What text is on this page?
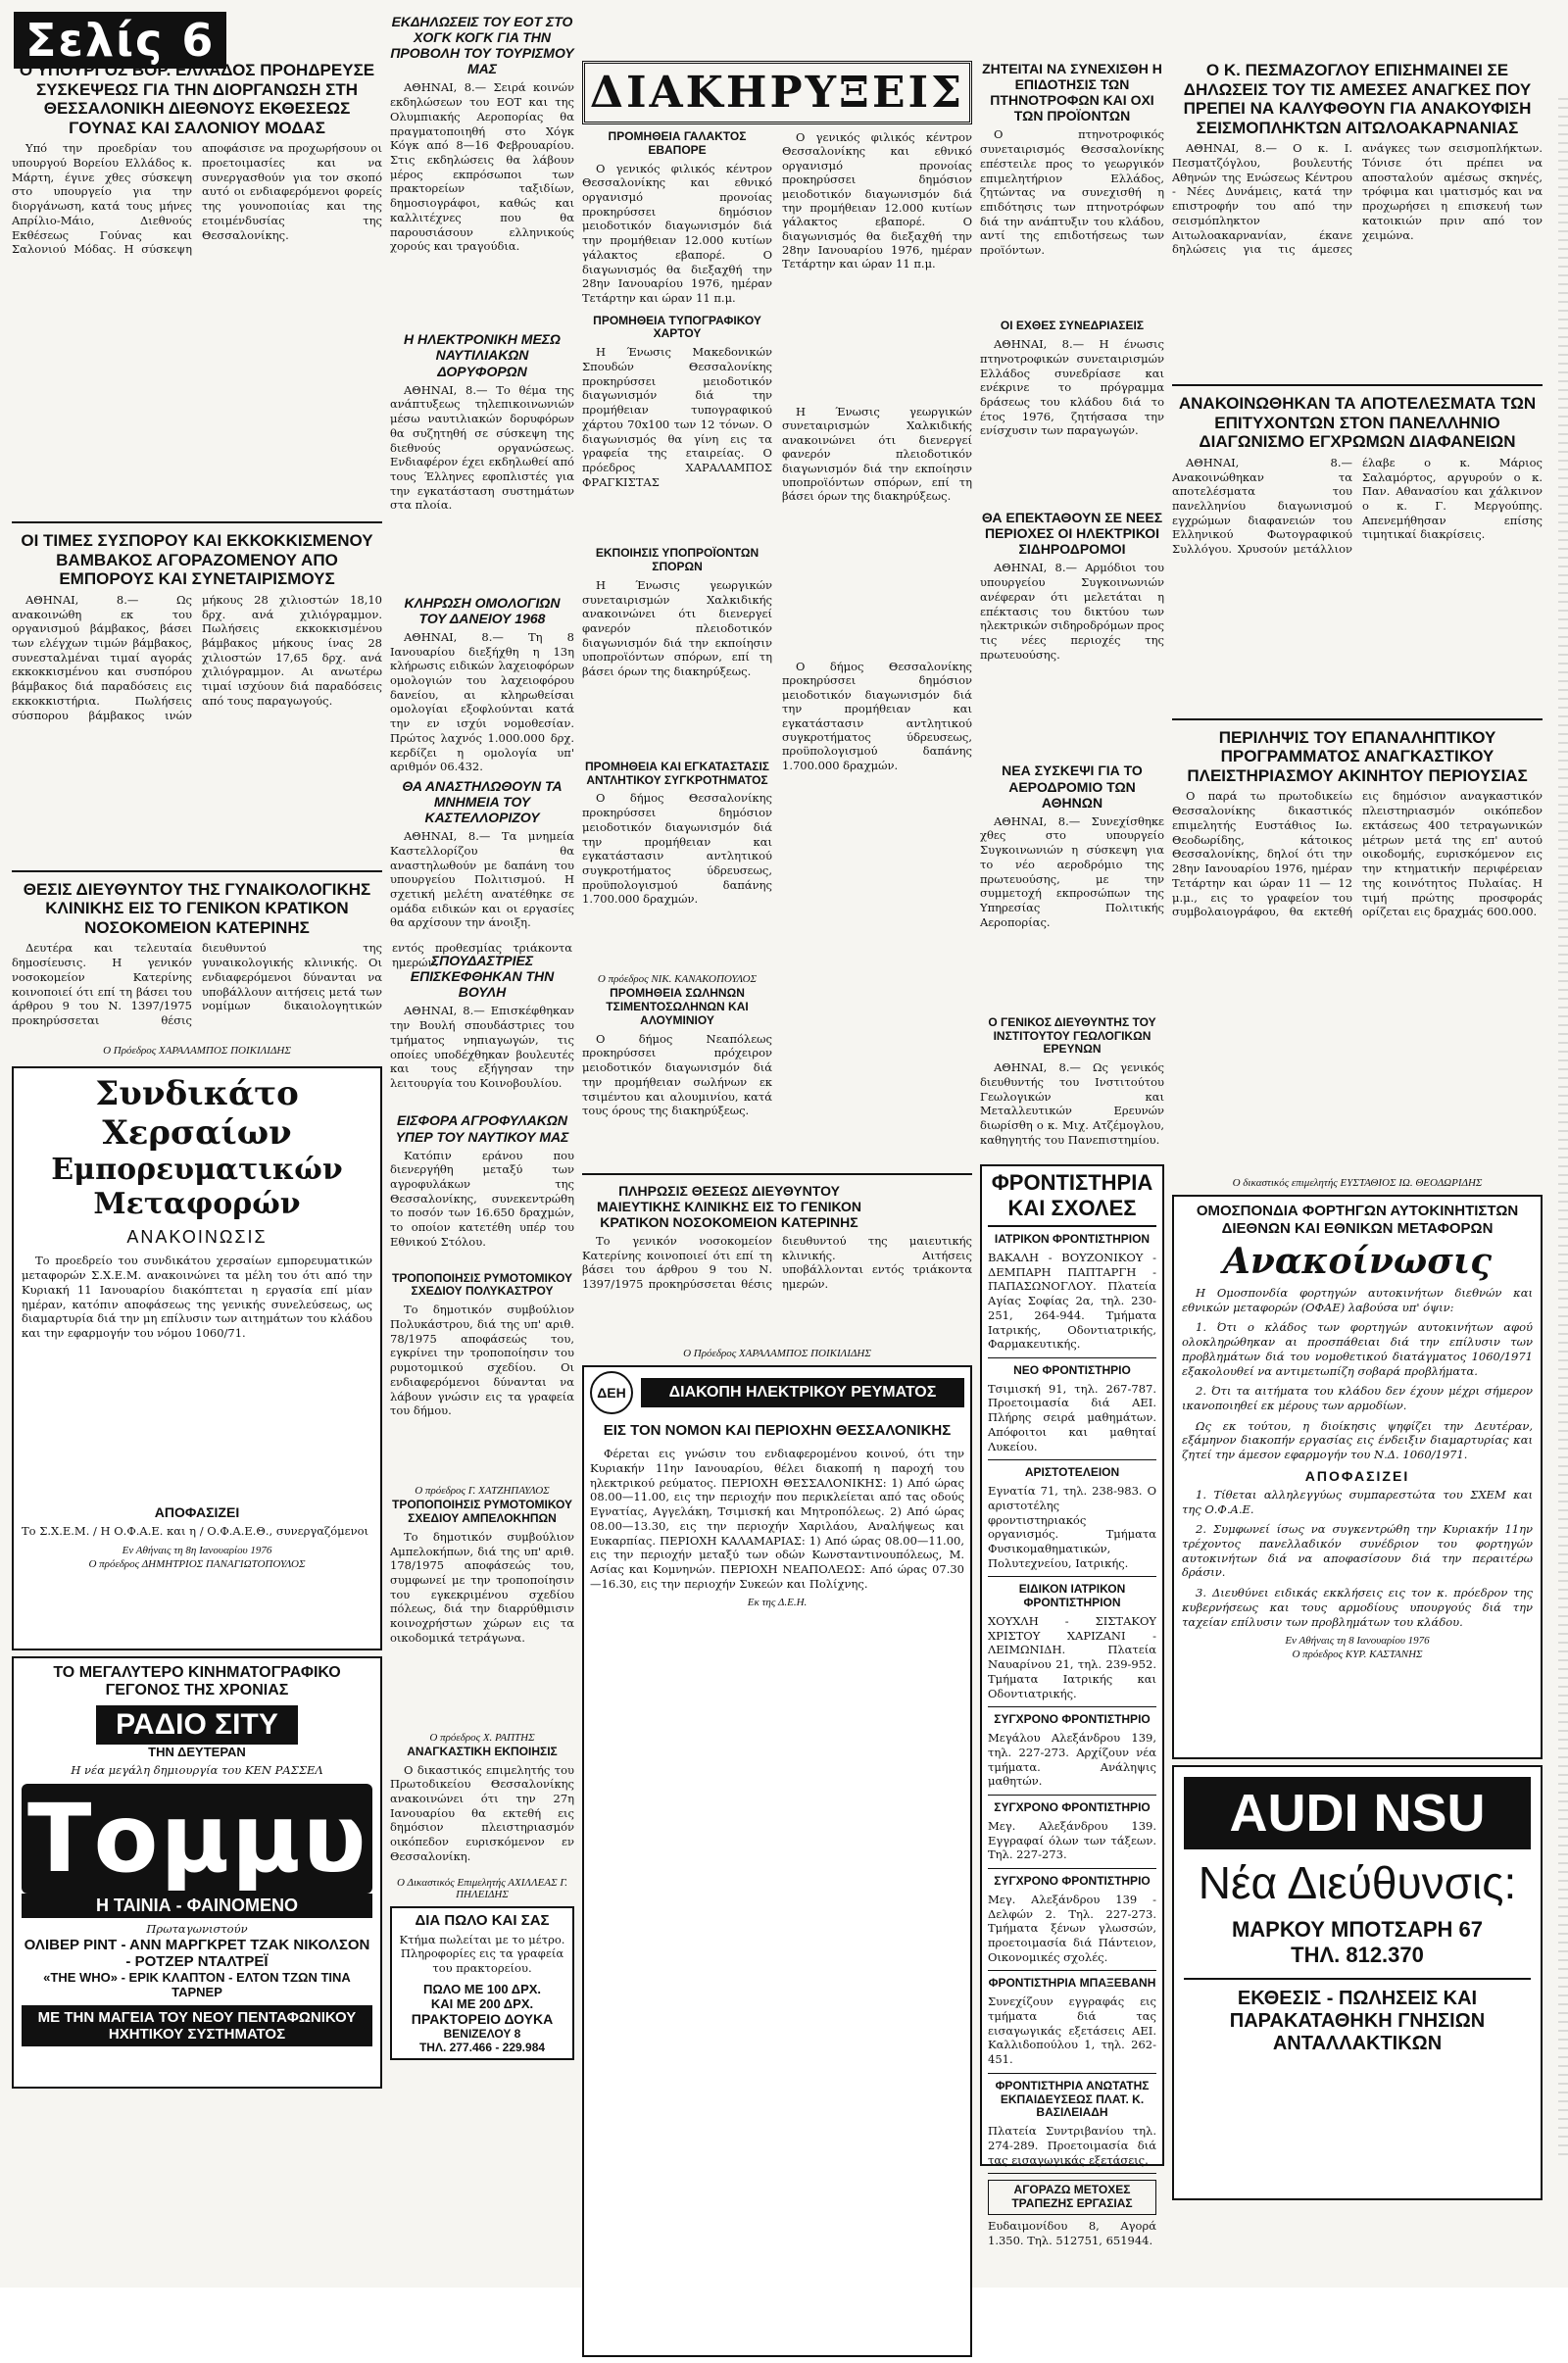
Σελίς 6
Ο ΥΠΟΥΡΓΟΣ ΒΟΡ. ΕΛΛΑΔΟΣ ΠΡΟΗΔΡΕΥΣΕ ΣΥΣΚΕΨΕΩΣ ΓΙΑ ΤΗΝ ΔΙΟΡΓΑΝΩΣΗ ΣΤΗ ΘΕΣΣΑΛΟΝΙΚΗ ΔΙΕΘΝΟΥΣ ΕΚΘΕΣΕΩΣ ΓΟΥΝΑΣ ΚΑΙ ΣΑΛΟΝΙΟΥ ΜΟΔΑΣ
Υπό την προεδρίαν του υπουργού Βορείου Ελλάδος κ. Μάρτη, έγινε χθες σύσκεψη στο υπουργείο για την διοργάνωση, κατά τους μήνες Απρίλιο-Μάιο, Διεθνούς Εκθέσεως Γούνας και Σαλονιού Μόδας. Η σύσκεψη αποφάσισε να προχωρήσουν οι προετοιμασίες και να συνεργασθούν για τον σκοπό αυτό οι ενδιαφερόμενοι φορείς της γουνοποιίας και της ετοιμένδυσίας της Θεσσαλονίκης.
ΟΙ ΤΙΜΕΣ ΣΥΣΠΟΡΟΥ ΚΑΙ ΕΚΚΟΚΚΙΣΜΕΝΟΥ ΒΑΜΒΑΚΟΣ ΑΓΟΡΑΖΟΜΕΝΟΥ ΑΠΟ ΕΜΠΟΡΟΥΣ ΚΑΙ ΣΥΝΕΤΑΙΡΙΣΜΟΥΣ
ΑΘΗΝΑΙ, 8.— Ως ανακοινώθη εκ του οργανισμού βάμβακος, βάσει των ελέγχων τιμών βάμβακος, συνεσταλμέναι τιμαί αγοράς εκκοκκισμένου και συσπόρου βάμβακος διά παραδόσεις εις εκκοκκιστήρια. Πωλήσεις σύσπορου βάμβακος ινών μήκους 28 χιλιοστών 18,10 δρχ. ανά χιλιόγραμμον. Πωλήσεις εκκοκκισμένου βάμβακος μήκους ίνας 28 χιλιοστών 17,65 δρχ. ανά χιλιόγραμμον. Αι ανωτέρω τιμαί ισχύουν διά παραδόσεις από τους παραγωγούς.
ΘΕΣΙΣ ΔΙΕΥΘΥΝΤΟΥ ΤΗΣ ΓΥΝΑΙΚΟΛΟΓΙΚΗΣ ΚΛΙΝΙΚΗΣ ΕΙΣ ΤΟ ΓΕΝΙΚΟΝ ΚΡΑΤΙΚΟΝ ΝΟΣΟΚΟΜΕΙΟΝ ΚΑΤΕΡΙΝΗΣ
Δευτέρα και τελευταία δημοσίευσις. Η γενικόν νοσοκομείον Κατερίνης κοινοποιεί ότι επί τη βάσει του άρθρου 9 του Ν. 1397/1975 προκηρύσσεται θέσις διευθυντού της γυναικολογικής κλινικής. Οι ενδιαφερόμενοι δύνανται να υποβάλλουν αιτήσεις μετά των νομίμων δικαιολογητικών εντός προθεσμίας τριάκοντα ημερών.
Ο Πρόεδρος ΧΑΡΑΛΑΜΠΟΣ ΠΟΙΚΙΛΙΔΗΣ
Συνδικάτο Χερσαίων
Εμπορευματικών Μεταφορών
ΑΝΑΚΟΙΝΩΣΙΣ
Το προεδρείο του συνδικάτου χερσαίων εμπορευματικών μεταφορών Σ.Χ.Ε.Μ. ανακοινώνει τα μέλη του ότι από την Κυριακή 11 Ιανουαρίου διακόπτεται η εργασία επί μίαν ημέραν, κατόπιν αποφάσεως της γενικής συνελεύσεως, ως διαμαρτυρία διά την μη επίλυσιν των αιτημάτων του κλάδου και την εφαρμογήν του νόμου 1060/71.
ΑΠΟΦΑΣΙΖΕΙ
Το Σ.Χ.Ε.Μ. / Η Ο.Φ.Α.Ε. και η / Ο.Φ.Α.Ε.Θ., συνεργαζόμενοι
Εν Αθήναις τη 8η Ιανουαρίου 1976
Ο πρόεδρος ΔΗΜΗΤΡΙΟΣ ΠΑΝΑΓΙΩΤΟΠΟΥΛΟΣ
ΤΟ ΜΕΓΑΛΥΤΕΡΟ ΚΙΝΗΜΑΤΟΓΡΑΦΙΚΟ
ΓΕΓΟΝΟΣ ΤΗΣ ΧΡΟΝΙΑΣ
ΡΑΔΙΟ ΣΙΤΥ
ΤΗΝ ΔΕΥΤΕΡΑΝ
Η νέα μεγάλη δημιουργία του ΚΕΝ ΡΑΣΣΕΛ
Τομμυ
Η ΤΑΙΝΙΑ - ΦΑΙΝΟΜΕΝΟ
Πρωταγωνιστούν
ΟΛΙΒΕΡ ΡΙΝΤ - ΑΝΝ ΜΑΡΓΚΡΕΤ ΤΖΑΚ ΝΙΚΟΛΣΟΝ - ΡΟΤΖΕΡ ΝΤΑΛΤΡΕΪ
«THE WHO» - ΕΡΙΚ ΚΛΑΠΤΟΝ - ΕΛΤΟΝ ΤΖΩΝ ΤΙΝΑ ΤΑΡΝΕΡ
ΜΕ ΤΗΝ ΜΑΓΕΙΑ ΤΟΥ ΝΕΟΥ ΠΕΝΤΑΦΩΝΙΚΟΥ ΗΧΗΤΙΚΟΥ ΣΥΣΤΗΜΑΤΟΣ
ΕΚΔΗΛΩΣΕΙΣ ΤΟΥ ΕΟΤ ΣΤΟ ΧΟΓΚ ΚΟΓΚ ΓΙΑ ΤΗΝ ΠΡΟΒΟΛΗ ΤΟΥ ΤΟΥΡΙΣΜΟΥ ΜΑΣ
ΑΘΗΝΑΙ, 8.— Σειρά κοινών εκδηλώσεων του ΕΟΤ και της Ολυμπιακής Αεροπορίας θα πραγματοποιηθή στο Χόγκ Κόγκ από 8—16 Φεβρουαρίου. Στις εκδηλώσεις θα λάβουν μέρος εκπρόσωποι των πρακτορείων ταξιδίων, δημοσιογράφοι, καθώς και καλλιτέχνες που θα παρουσιάσουν ελληνικούς χορούς και τραγούδια.
Η ΗΛΕΚΤΡΟΝΙΚΗ ΜΕΣΩ ΝΑΥΤΙΛΙΑΚΩΝ ΔΟΡΥΦΟΡΩΝ
ΑΘΗΝΑΙ, 8.— Το θέμα της ανάπτυξεως τηλεπικοινωνιών μέσω ναυτιλιακών δορυφόρων θα συζητηθή σε σύσκεψη της διεθνούς οργανώσεως. Ενδιαφέρον έχει εκδηλωθεί από τους Έλληνες εφοπλιστές για την εγκατάσταση συστημάτων στα πλοία.
ΚΛΗΡΩΣΗ ΟΜΟΛΟΓΙΩΝ ΤΟΥ ΔΑΝΕΙΟΥ 1968
ΑΘΗΝΑΙ, 8.— Τη 8 Ιανουαρίου διεξήχθη η 13η κλήρωσις ειδικών λαχειοφόρων ομολογιών του λαχειοφόρου δανείου, αι κληρωθείσαι ομολογίαι εξοφλούνται κατά την εν ισχύι νομοθεσίαν. Πρώτος λαχνός 1.000.000 δρχ. κερδίζει η ομολογία υπ' αριθμόν 06.432.
ΘΑ ΑΝΑΣΤΗΛΩΘΟΥΝ ΤΑ ΜΝΗΜΕΙΑ ΤΟΥ ΚΑΣΤΕΛΛΟΡΙΖΟΥ
ΑΘΗΝΑΙ, 8.— Τα μνημεία Καστελλορίζου θα αναστηλωθούν με δαπάνη του υπουργείου Πολιτισμού. Η σχετική μελέτη ανατέθηκε σε ομάδα ειδικών και οι εργασίες θα αρχίσουν την άνοιξη.
ΣΠΟΥΔΑΣΤΡΙΕΣ ΕΠΙΣΚΕΦΘΗΚΑΝ ΤΗΝ ΒΟΥΛΗ
ΑΘΗΝΑΙ, 8.— Επισκέφθηκαν την Βουλή σπουδάστριες του τμήματος νηπιαγωγών, τις οποίες υποδέχθηκαν βουλευτές και τους εξήγησαν την λειτουργία του Κοινοβουλίου.
ΕΙΣΦΟΡΑ ΑΓΡΟΦΥΛΑΚΩΝ ΥΠΕΡ ΤΟΥ ΝΑΥΤΙΚΟΥ ΜΑΣ
Κατόπιν εράνου που διενεργήθη μεταξύ των αγροφυλάκων της Θεσσαλονίκης, συνεκεντρώθη το ποσόν των 16.650 δραχμών, το οποίον κατετέθη υπέρ του Εθνικού Στόλου.
ΤΡΟΠΟΠΟΙΗΣΙΣ ΡΥΜΟΤΟΜΙΚΟΥ ΣΧΕΔΙΟΥ ΠΟΛΥΚΑΣΤΡΟΥ
Το δημοτικόν συμβούλιον Πολυκάστρου, διά της υπ' αριθ. 78/1975 αποφάσεώς του, εγκρίνει την τροποποίησιν του ρυμοτομικού σχεδίου. Οι ενδιαφερόμενοι δύνανται να λάβουν γνώσιν εις τα γραφεία του δήμου.
Ο πρόεδρος Γ. ΧΑΤΖΗΠΑΥΛΟΣ
ΤΡΟΠΟΠΟΙΗΣΙΣ ΡΥΜΟΤΟΜΙΚΟΥ ΣΧΕΔΙΟΥ ΑΜΠΕΛΟΚΗΠΩΝ
Το δημοτικόν συμβούλιον Αμπελοκήπων, διά της υπ' αριθ. 178/1975 αποφάσεώς του, συμφωνεί με την τροποποίησιν του εγκεκριμένου σχεδίου πόλεως, διά την διαρρύθμισιν κοινοχρήστων χώρων εις τα οικοδομικά τετράγωνα.
Ο πρόεδρος Χ. ΡΑΠΤΗΣ
ΑΝΑΓΚΑΣΤΙΚΗ ΕΚΠΟΙΗΣΙΣ
Ο δικαστικός επιμελητής του Πρωτοδικείου Θεσσαλονίκης ανακοινώνει ότι την 27η Ιανουαρίου θα εκτεθή εις δημόσιον πλειστηριασμόν οικόπεδον ευρισκόμενον εν Θεσσαλονίκη.
Ο Δικαστικός Επιμελητής ΑΧΙΛΛΕΑΣ Γ. ΠΗΛΕΙΔΗΣ
ΔΙΑ ΠΩΛΟ ΚΑΙ ΣΑΣ
Κτήμα πωλείται με το μέτρο. Πληροφορίες εις τα γραφεία του πρακτορείου.
ΠΩΛΟ ΜΕ 100 ΔΡΧ.
ΚΑΙ ΜΕ 200 ΔΡΧ.
ΠΡΑΚΤΟΡΕΙΟ ΔΟΥΚΑ
ΒΕΝΙΖΕΛΟΥ 8
ΤΗΛ. 277.466 - 229.984
ΔΙΑΚΗΡΥΞΕΙΣ
ΠΡΟΜΗΘΕΙΑ ΓΑΛΑΚΤΟΣ ΕΒΑΠΟΡΕ
Ο γενικός φιλικός κέντρον Θεσσαλονίκης και εθνικό οργανισμό προνοίας προκηρύσσει δημόσιον μειοδοτικόν διαγωνισμόν διά την προμήθειαν 12.000 κυτίων γάλακτος εβαπορέ. Ο διαγωνισμός θα διεξαχθή την 28ην Ιανουαρίου 1976, ημέραν Τετάρτην και ώραν 11 π.μ.
ΠΡΟΜΗΘΕΙΑ ΤΥΠΟΓΡΑΦΙΚΟΥ ΧΑΡΤΟΥ
Η Ένωσις Μακεδονικών Σπουδών Θεσσαλονίκης προκηρύσσει μειοδοτικόν διαγωνισμόν διά την προμήθειαν τυπογραφικού χάρτου 70x100 των 12 τόνων. Ο διαγωνισμός θα γίνη εις τα γραφεία της εταιρείας. Ο πρόεδρος ΧΑΡΑΛΑΜΠΟΣ ΦΡΑΓΚΙΣΤΑΣ
ΕΚΠΟΙΗΣΙΣ ΥΠΟΠΡΟΪΟΝΤΩΝ ΣΠΟΡΩΝ
Η Ένωσις γεωργικών συνεταιρισμών Χαλκιδικής ανακοινώνει ότι διενεργεί φανερόν πλειοδοτικόν διαγωνισμόν διά την εκποίησιν υποπροϊόντων σπόρων, επί τη βάσει όρων της διακηρύξεως.
ΠΡΟΜΗΘΕΙΑ ΚΑΙ ΕΓΚΑΤΑΣΤΑΣΙΣ ΑΝΤΛΗΤΙΚΟΥ ΣΥΓΚΡΟΤΗΜΑΤΟΣ
Ο δήμος Θεσσαλονίκης προκηρύσσει δημόσιον μειοδοτικόν διαγωνισμόν διά την προμήθειαν και εγκατάστασιν αντλητικού συγκροτήματος ύδρευσεως, προϋπολογισμού δαπάνης 1.700.000 δραχμών.
Ο πρόεδρος ΝΙΚ. ΚΑΝΑΚΟΠΟΥΛΟΣ
ΠΡΟΜΗΘΕΙΑ ΣΩΛΗΝΩΝ ΤΣΙΜΕΝΤΟΣΩΛΗΝΩΝ ΚΑΙ ΑΛΟΥΜΙΝΙΟΥ
Ο δήμος Νεαπόλεως προκηρύσσει πρόχειρον μειοδοτικόν διαγωνισμόν διά την προμήθειαν σωλήνων εκ τσιμέντου και αλουμινίου, κατά τους όρους της διακηρύξεως.
Ο γενικός φιλικός κέντρον Θεσσαλονίκης και εθνικό οργανισμό προνοίας προκηρύσσει δημόσιον μειοδοτικόν διαγωνισμόν διά την προμήθειαν 12.000 κυτίων γάλακτος εβαπορέ. Ο διαγωνισμός θα διεξαχθή την 28ην Ιανουαρίου 1976, ημέραν Τετάρτην και ώραν 11 π.μ.
Η Ένωσις γεωργικών συνεταιρισμών Χαλκιδικής ανακοινώνει ότι διενεργεί φανερόν πλειοδοτικόν διαγωνισμόν διά την εκποίησιν υποπροϊόντων σπόρων, επί τη βάσει όρων της διακηρύξεως.
Ο δήμος Θεσσαλονίκης προκηρύσσει δημόσιον μειοδοτικόν διαγωνισμόν διά την προμήθειαν και εγκατάστασιν αντλητικού συγκροτήματος ύδρευσεως, προϋπολογισμού δαπάνης 1.700.000 δραχμών.
ΠΛΗΡΩΣΙΣ ΘΕΣΕΩΣ ΔΙΕΥΘΥΝΤΟΥ ΜΑΙΕΥΤΙΚΗΣ ΚΛΙΝΙΚΗΣ ΕΙΣ ΤΟ ΓΕΝΙΚΟΝ ΚΡΑΤΙΚΟΝ ΝΟΣΟΚΟΜΕΙΟΝ ΚΑΤΕΡΙΝΗΣ
Το γενικόν νοσοκομείον Κατερίνης κοινοποιεί ότι επί τη βάσει του άρθρου 9 του Ν. 1397/1975 προκηρύσσεται θέσις διευθυντού της μαιευτικής κλινικής. Αιτήσεις υποβάλλονται εντός τριάκοντα ημερών.
Ο Πρόεδρος ΧΑΡΑΛΑΜΠΟΣ ΠΟΙΚΙΛΙΔΗΣ
ΔΕΗ	ΔΙΑΚΟΠΗ ΗΛΕΚΤΡΙΚΟΥ ΡΕΥΜΑΤΟΣ
ΕΙΣ ΤΟΝ ΝΟΜΟΝ ΚΑΙ ΠΕΡΙΟΧΗΝ ΘΕΣΣΑΛΟΝΙΚΗΣ
Φέρεται εις γνώσιν του ενδιαφερομένου κοινού, ότι την Κυριακήν 11ην Ιανουαρίου, θέλει διακοπή η παροχή του ηλεκτρικού ρεύματος. ΠΕΡΙΟΧΗ ΘΕΣΣΑΛΟΝΙΚΗΣ: 1) Από ώρας 08.00—11.00, εις την περιοχήν που περικλείεται από τας οδούς Εγνατίας, Αγγελάκη, Τσιμισκή και Μητροπόλεως. 2) Από ώρας 08.00—13.30, εις την περιοχήν Χαριλάου, Αναλήψεως και Ευκαρπίας. ΠΕΡΙΟΧΗ ΚΑΛΑΜΑΡΙΑΣ: 1) Από ώρας 08.00—11.00, εις την περιοχήν μεταξύ των οδών Κωνσταντινουπόλεως, Μ. Ασίας και Κομνηνών. ΠΕΡΙΟΧΗ ΝΕΑΠΟΛΕΩΣ: Από ώρας 07.30—16.30, εις την περιοχήν Συκεών και Πολίχνης.
Εκ της Δ.Ε.Η.
ΖΗΤΕΙΤΑΙ ΝΑ ΣΥΝΕΧΙΣΘΗ Η ΕΠΙΔΟΤΗΣΙΣ ΤΩΝ ΠΤΗΝΟΤΡΟΦΩΝ ΚΑΙ ΟΧΙ ΤΩΝ ΠΡΟΪΟΝΤΩΝ
Ο πτηνοτροφικός συνεταιρισμός Θεσσαλονίκης επέστειλε προς το γεωργικόν επιμελητήριον Ελλάδος, ζητώντας να συνεχισθή η επιδότησις των πτηνοτρόφων διά την ανάπτυξιν του κλάδου, αντί της επιδοτήσεως των προϊόντων.
ΟΙ ΕΧΘΕΣ ΣΥΝΕΔΡΙΑΣΕΙΣ
ΑΘΗΝΑΙ, 8.— Η ένωσις πτηνοτροφικών συνεταιρισμών Ελλάδος συνεδρίασε και ενέκρινε το πρόγραμμα δράσεως του κλάδου διά το έτος 1976, ζητήσασα την ενίσχυσιν των παραγωγών.
ΘΑ ΕΠΕΚΤΑΘΟΥΝ ΣΕ ΝΕΕΣ ΠΕΡΙΟΧΕΣ ΟΙ ΗΛΕΚΤΡΙΚΟΙ ΣΙΔΗΡΟΔΡΟΜΟΙ
ΑΘΗΝΑΙ, 8.— Αρμόδιοι του υπουργείου Συγκοινωνιών ανέφεραν ότι μελετάται η επέκτασις του δικτύου των ηλεκτρικών σιδηροδρόμων προς τις νέες περιοχές της πρωτευούσης.
ΝΕΑ ΣΥΣΚΕΨΙ ΓΙΑ ΤΟ ΑΕΡΟΔΡΟΜΙΟ ΤΩΝ ΑΘΗΝΩΝ
ΑΘΗΝΑΙ, 8.— Συνεχίσθηκε χθες στο υπουργείο Συγκοινωνιών η σύσκεψη για το νέο αεροδρόμιο της πρωτευούσης, με την συμμετοχή εκπροσώπων της Υπηρεσίας Πολιτικής Αεροπορίας.
Ο ΓΕΝΙΚΟΣ ΔΙΕΥΘΥΝΤΗΣ ΤΟΥ ΙΝΣΤΙΤΟΥΤΟΥ ΓΕΩΛΟΓΙΚΩΝ ΕΡΕΥΝΩΝ
ΑΘΗΝΑΙ, 8.— Ως γενικός διευθυντής του Ινστιτούτου Γεωλογικών και Μεταλλευτικών Ερευνών διωρίσθη ο κ. Μιχ. Ατζέμογλου, καθηγητής του Πανεπιστημίου.
ΦΡΟΝΤΙΣΤΗΡΙΑ ΚΑΙ ΣΧΟΛΕΣ
ΙΑΤΡΙΚΟΝ ΦΡΟΝΤΙΣΤΗΡΙΟΝ
ΒΑΚΑΛΗ - ΒΟΥΖΟΝΙΚΟΥ - ΔΕΜΠΑΡΗ ΠΑΠΤΑΡΓΗ - ΠΑΠΑΣΩΝΟΓΛΟΥ. Πλατεία Αγίας Σοφίας 2α, τηλ. 230-251, 264-944. Τμήματα Ιατρικής, Οδοντιατρικής, Φαρμακευτικής.
ΝΕΟ ΦΡΟΝΤΙΣΤΗΡΙΟ
Τσιμισκή 91, τηλ. 267-787. Προετοιμασία διά ΑΕΙ. Πλήρης σειρά μαθημάτων. Απόφοιτοι και μαθηταί Λυκείου.
ΑΡΙΣΤΟΤΕΛΕΙΟΝ
Εγνατία 71, τηλ. 238-983. Ο αριστοτέλης φροντιστηριακός οργανισμός. Τμήματα Φυσικομαθηματικών, Πολυτεχνείου, Ιατρικής.
ΕΙΔΙΚΟΝ ΙΑΤΡΙΚΟΝ ΦΡΟΝΤΙΣΤΗΡΙΟΝ
ΧΟΥΧΛΗ - ΣΙΣΤΑΚΟΥ ΧΡΙΣΤΟΥ ΧΑΡΙΖΑΝΙ - ΛΕΙΜΩΝΙΔΗ. Πλατεία Ναυαρίνου 21, τηλ. 239-952. Τμήματα Ιατρικής και Οδοντιατρικής.
ΣΥΓΧΡΟΝΟ ΦΡΟΝΤΙΣΤΗΡΙΟ
Μεγάλου Αλεξάνδρου 139, τηλ. 227-273. Αρχίζουν νέα τμήματα. Ανάληψις μαθητών.
ΣΥΓΧΡΟΝΟ ΦΡΟΝΤΙΣΤΗΡΙΟ
Μεγ. Αλεξάνδρου 139. Εγγραφαί όλων των τάξεων. Τηλ. 227-273.
ΣΥΓΧΡΟΝΟ ΦΡΟΝΤΙΣΤΗΡΙΟ
Μεγ. Αλεξάνδρου 139 - Δελφών 2. Τηλ. 227-273. Τμήματα ξένων γλωσσών, προετοιμασία διά Πάντειον, Οικονομικές σχολές.
ΦΡΟΝΤΙΣΤΗΡΙΑ ΜΠΑΞΕΒΑΝΗ
Συνεχίζουν εγγραφάς εις τμήματα διά τας εισαγωγικάς εξετάσεις ΑΕΙ. Καλλιδοπούλου 1, τηλ. 262-451.
ΦΡΟΝΤΙΣΤΗΡΙΑ ΑΝΩΤΑΤΗΣ ΕΚΠΑΙΔΕΥΣΕΩΣ ΠΛΑΤ. Κ. ΒΑΣΙΛΕΙΑΔΗ
Πλατεία Συντριβανίου τηλ. 274-289. Προετοιμασία διά τας εισαγωγικάς εξετάσεις.
ΑΓΟΡΑΖΩ ΜΕΤΟΧΕΣ ΤΡΑΠΕΖΗΣ ΕΡΓΑΣΙΑΣ
Ευδαιμονίδου 8, Αγορά 1.350. Τηλ. 512751, 651944.
Ο Κ. ΠΕΣΜΑΖΟΓΛΟΥ ΕΠΙΣΗΜΑΙΝΕΙ ΣΕ ΔΗΛΩΣΕΙΣ ΤΟΥ ΤΙΣ ΑΜΕΣΕΣ ΑΝΑΓΚΕΣ ΠΟΥ ΠΡΕΠΕΙ ΝΑ ΚΑΛΥΦΘΟΥΝ ΓΙΑ ΑΝΑΚΟΥΦΙΣΗ ΣΕΙΣΜΟΠΛΗΚΤΩΝ ΑΙΤΩΛΟΑΚΑΡΝΑΝΙΑΣ
ΑΘΗΝΑΙ, 8.— Ο κ. Ι. Πεσματζόγλου, βουλευτής Αθηνών της Ενώσεως Κέντρου - Νέες Δυνάμεις, κατά την επιστροφήν του από την σεισμόπληκτον Αιτωλοακαρνανίαν, έκανε δηλώσεις για τις άμεσες ανάγκες των σεισμοπλήκτων. Τόνισε ότι πρέπει να αποσταλούν αμέσως σκηνές, τρόφιμα και ιματισμός και να προχωρήσει η επισκευή των κατοικιών πριν από τον χειμώνα.
ΑΝΑΚΟΙΝΩΘΗΚΑΝ ΤΑ ΑΠΟΤΕΛΕΣΜΑΤΑ ΤΩΝ ΕΠΙΤΥΧΟΝΤΩΝ ΣΤΟΝ ΠΑΝΕΛΛΗΝΙΟ ΔΙΑΓΩΝΙΣΜΟ ΕΓΧΡΩΜΩΝ ΔΙΑΦΑΝΕΙΩΝ
ΑΘΗΝΑΙ, 8.— Ανακοινώθηκαν τα αποτελέσματα του πανελληνίου διαγωνισμού εγχρώμων διαφανειών του Ελληνικού Φωτογραφικού Συλλόγου. Χρυσούν μετάλλιον έλαβε ο κ. Μάριος Σαλαμόρτος, αργυρούν ο κ. Παν. Αθανασίου και χάλκινον ο κ. Γ. Μεργούπης. Απενεμήθησαν επίσης τιμητικαί διακρίσεις.
ΠΕΡΙΛΗΨΙΣ ΤΟΥ ΕΠΑΝΑΛΗΠΤΙΚΟΥ ΠΡΟΓΡΑΜΜΑΤΟΣ ΑΝΑΓΚΑΣΤΙΚΟΥ ΠΛΕΙΣΤΗΡΙΑΣΜΟΥ ΑΚΙΝΗΤΟΥ ΠΕΡΙΟΥΣΙΑΣ
Ο παρά τω πρωτοδικείω Θεσσαλονίκης δικαστικός επιμελητής Ευστάθιος Ιω. Θεοδωρίδης, κάτοικος Θεσσαλονίκης, δηλοί ότι την 28ην Ιανουαρίου 1976, ημέραν Τετάρτην και ώραν 11 — 12 μ.μ., εις το γραφείον του συμβολαιογράφου, θα εκτεθή εις δημόσιον αναγκαστικόν πλειστηριασμόν οικόπεδον εκτάσεως 400 τετραγωνικών μέτρων μετά της επ' αυτού οικοδομής, ευρισκόμενον εις την κτηματικήν περιφέρειαν της κοινότητος Πυλαίας. Η τιμή πρώτης προσφοράς ορίζεται εις δραχμάς 600.000.
Ο δικαστικός επιμελητής ΕΥΣΤΑΘΙΟΣ ΙΩ. ΘΕΟΔΩΡΙΔΗΣ
ΟΜΟΣΠΟΝΔΙΑ ΦΟΡΤΗΓΩΝ ΑΥΤΟΚΙΝΗΤΙΣΤΩΝ ΔΙΕΘΝΩΝ ΚΑΙ ΕΘΝΙΚΩΝ ΜΕΤΑΦΟΡΩΝ
Ανακοίνωσις
Η Ομοσπονδία φορτηγών αυτοκινήτων διεθνών και εθνικών μεταφορών (ΟΦΑΕ) λαβούσα υπ' όψιν:
1. Ότι ο κλάδος των φορτηγών αυτοκινήτων αφού ολοκληρώθηκαν αι προσπάθειαι διά την επίλυσιν των προβλημάτων διά του νομοθετικού διατάγματος 1060/1971 εξακολουθεί να αντιμετωπίζη σοβαρά προβλήματα.
2. Ότι τα αιτήματα του κλάδου δεν έχουν μέχρι σήμερον ικανοποιηθεί εκ μέρους των αρμοδίων.
Ως εκ τούτου, η διοίκησις ψηφίζει την Δευτέραν, εξάμηνον διακοπήν εργασίας εις ένδειξιν διαμαρτυρίας και ζητεί την άμεσον εφαρμογήν του Ν.Δ. 1060/1971.
ΑΠΟΦΑΣΙΖΕΙ
1. Τίθεται αλληλεγγύως συμπαρεστώτα του ΣΧΕΜ και της Ο.Φ.Α.Ε.
2. Συμφωνεί ίσως να συγκεντρώθη την Κυριακήν 11ην τρέχοντος πανελλαδικόν συνέδριον του φορτηγών αυτοκινήτων διά να αποφασίσουν διά την περαιτέρω δράσιν.
3. Διευθύνει ειδικάς εκκλήσεις εις τον κ. πρόεδρον της κυβερνήσεως και τους αρμοδίους υπουργούς διά την ταχείαν επίλυσιν των προβλημάτων του κλάδου.
Εν Αθήναις τη 8 Ιανουαρίου 1976
Ο πρόεδρος ΚΥΡ. ΚΑΣΤΑΝΗΣ
AUDI NSU
Νέα Διεύθυνσις:
ΜΑΡΚΟΥ ΜΠΟΤΣΑΡΗ 67
ΤΗΛ. 812.370
ΕΚΘΕΣΙΣ - ΠΩΛΗΣΕΙΣ ΚΑΙ ΠΑΡΑΚΑΤΑΘΗΚΗ ΓΝΗΣΙΩΝ ΑΝΤΑΛΛΑΚΤΙΚΩΝ
